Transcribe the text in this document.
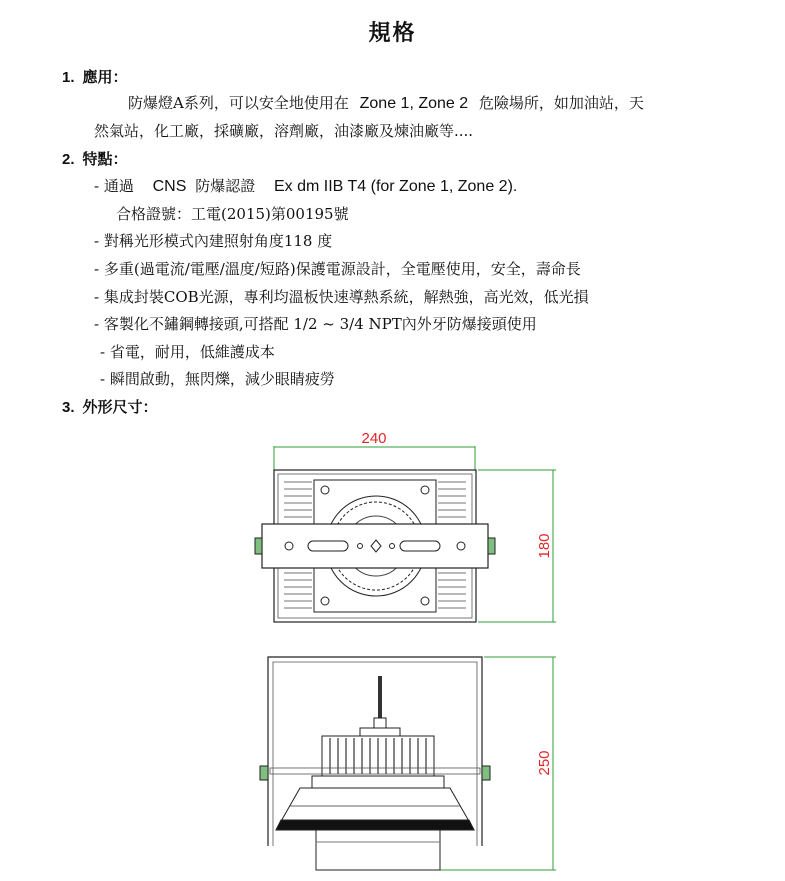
規格
1. 應用：
防爆燈A系列，可以安全地使用在 Zone 1, Zone 2 危險場所，如加油站，天
然氣站，化工廠，採礦廠，溶劑廠，油漆廠及煉油廠等....
2. 特點：
- 通過 CNS 防爆認證 Ex dm IIB T4 (for Zone 1, Zone 2).
合格證號：工電(2015)第00195號
- 對稱光形模式內建照射角度118 度
- 多重(過電流/電壓/溫度/短路)保護電源設計，全電壓使用，安全，壽命長
- 集成封裝COB光源，專利均溫板快速導熱系統，解熱強，高光效，低光損
- 客製化不鏽鋼轉接頭,可搭配 1/2 ~ 3/4 NPT內外牙防爆接頭使用
- 省電，耐用，低維護成本
- 瞬間啟動，無閃爍，減少眼睛疲勞
3. 外形尺寸：
240
180
250
